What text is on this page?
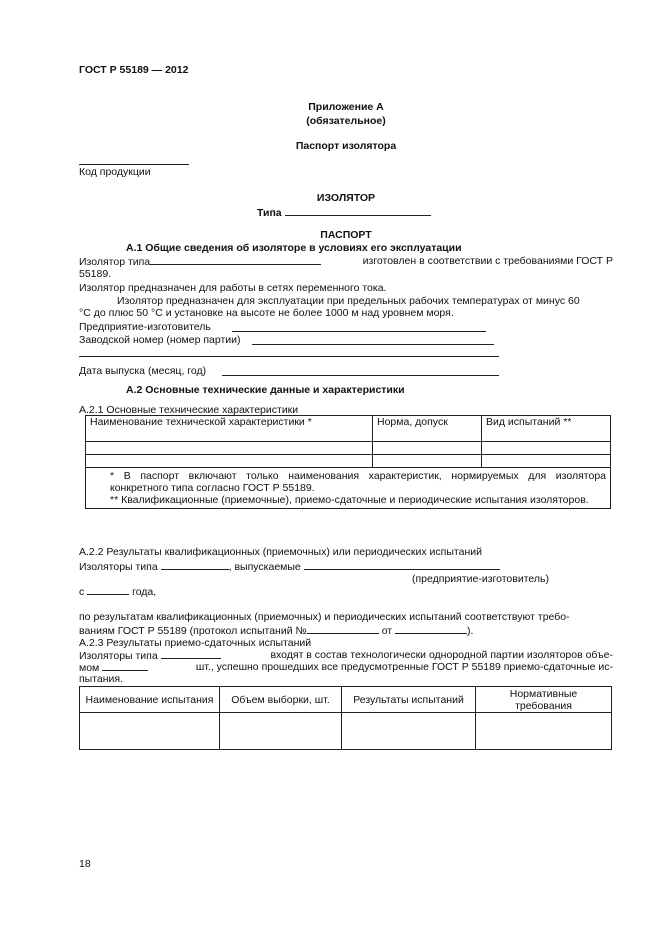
ГОСТ Р 55189 — 2012
Приложение А
(обязательное)
Паспорт изолятора
Код продукции
ИЗОЛЯТОР
Типа
ПАСПОРТ
А.1 Общие сведения об изоляторе в условиях его эксплуатации
Изолятор типа	изготовлен в соответствии с требованиями ГОСТ Р
55189.
Изолятор предназначен для работы в сетях переменного тока.
Изолятор предназначен для эксплуатации при предельных рабочих температурах от минус 60
°С до плюс 50 °С и установке на высоте не более 1000 м над уровнем моря.
Предприятие-изготовитель
Заводской номер (номер партии)
Дата выпуска (месяц, год)
А.2 Основные технические данные и характеристики
А.2.1 Основные технические характеристики
Наименование технической характеристики *	Норма, допуск	Вид испытаний **

* В паспорт включают только наименования характеристик, нормируемых для изолятора конкретного типа согласно ГОСТ Р 55189.
** Квалификационные (приемочные), приемо-сдаточные и периодические испытания изоляторов.		
А.2.2 Результаты квалификационных (приемочных) или периодических испытаний
Изоляторы типа	, выпускаемые
(предприятие-изготовитель)
с	года,
по результатам квалификационных (приемочных) и периодических испытаний соответствуют требо-
ваниям ГОСТ Р 55189 (протокол испытаний №	от	).
А.2.3 Результаты приемо-сдаточных испытаний
Изоляторы типа	входят в состав технологически однородной партии изоляторов объе-
мом	шт., успешно прошедших все предусмотренные ГОСТ Р 55189 приемо-сдаточные ис-
пытания.
Наименование испытания	Объем выборки, шт.	Результаты испытаний	Нормативные требования

18
